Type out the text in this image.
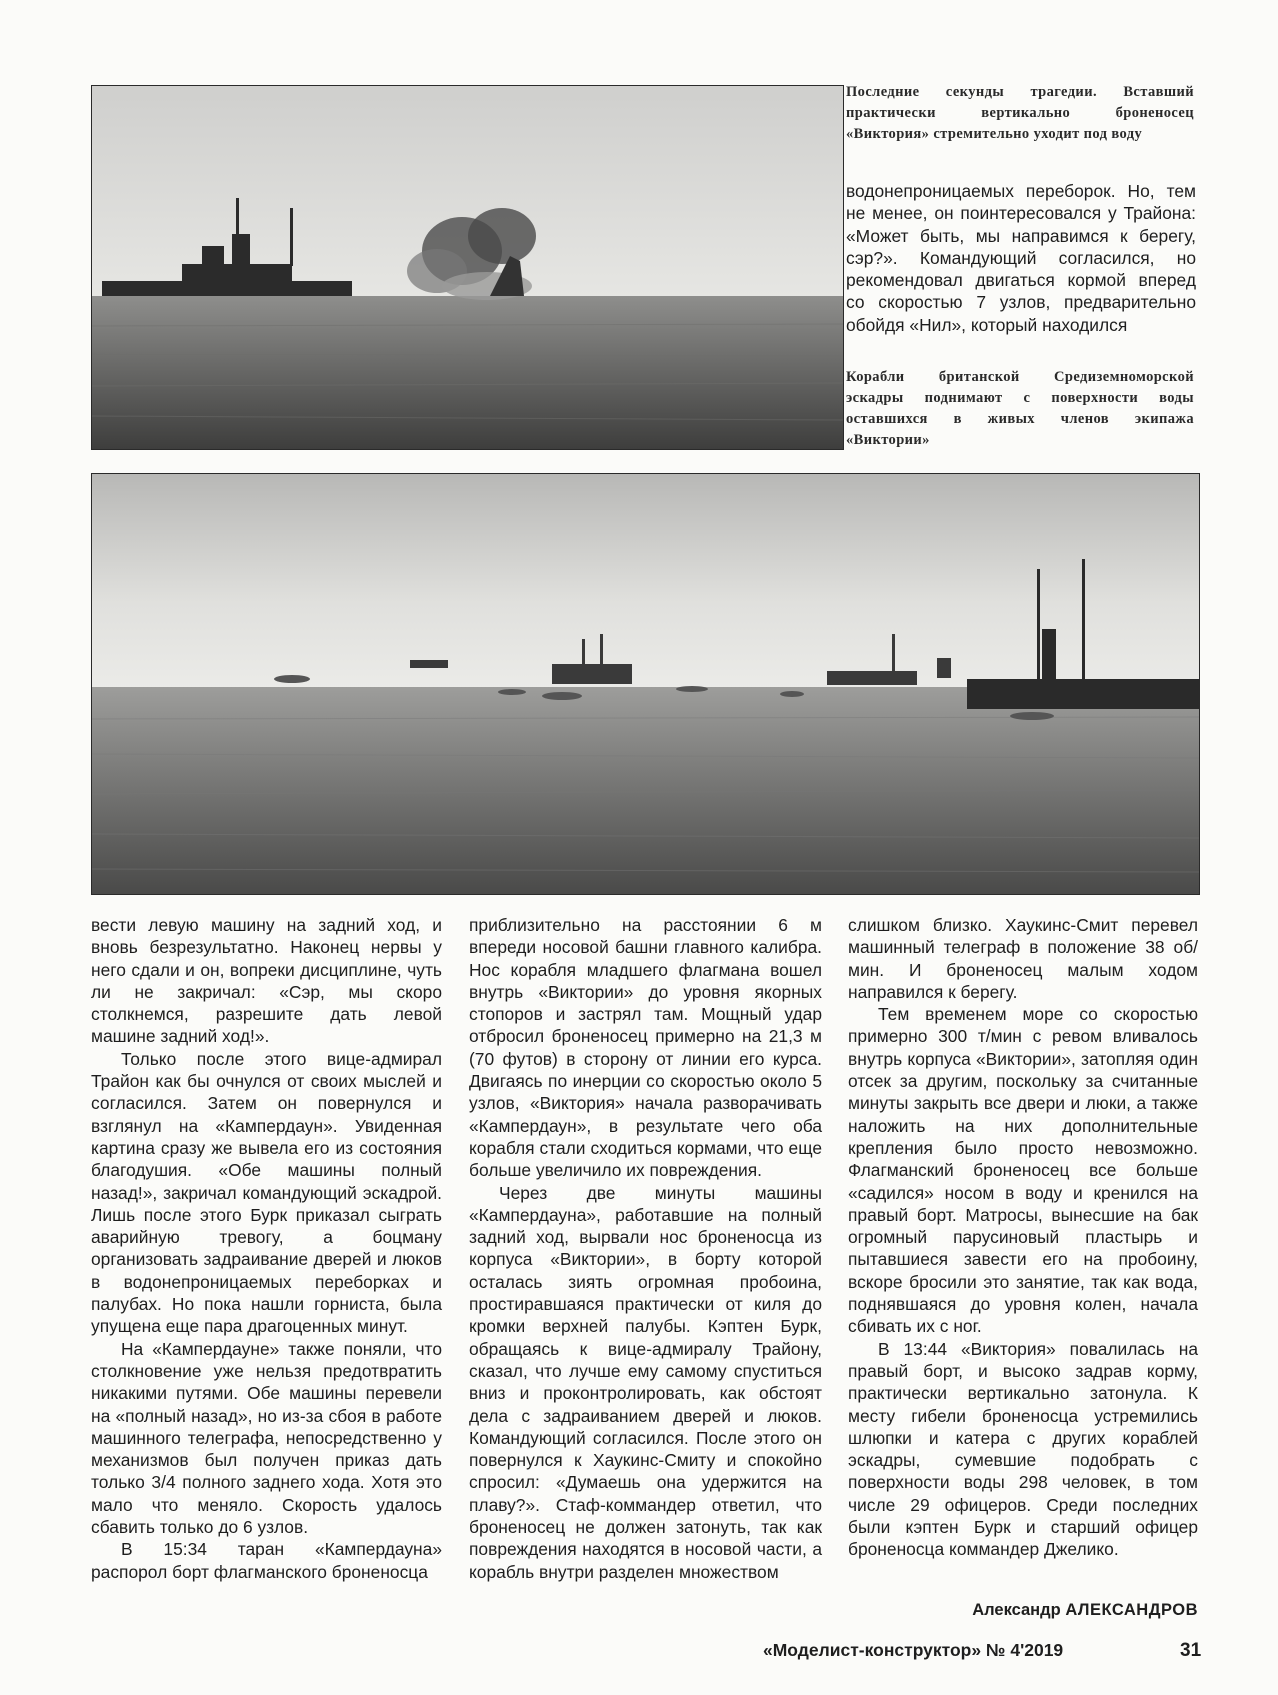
Последние секунды трагедии. Вставший практически вертикально броненосец «Виктория» стремительно уходит под воду

водонепроницаемых переборок. Но, тем не менее, он поинтересовался у Трайона: «Может быть, мы направимся к берегу, сэр?». Командующий согласился, но рекомендовал двигаться кормой вперед со скоростью 7 узлов, предварительно обойдя «Нил», который находился

Корабли британской Средиземноморской эскадры поднимают с поверхности воды оставшихся в живых членов экипажа «Виктории»

вести левую машину на задний ход, и вновь безрезультатно. Наконец нервы у него сдали и он, вопреки дисциплине, чуть ли не закричал: «Сэр, мы скоро столкнемся, разрешите дать левой машине задний ход!».

Только после этого вице-адмирал Трайон как бы очнулся от своих мыслей и согласился. Затем он повернулся и взглянул на «Кампердаун». Увиденная картина сразу же вывела его из состояния благодушия. «Обе машины полный назад!», закричал командующий эскадрой. Лишь после этого Бурк приказал сыграть аварийную тревогу, а боцману организовать задраивание дверей и люков в водонепроницаемых переборках и палубах. Но пока нашли горниста, была упущена еще пара драгоценных минут.

На «Кампердауне» также поняли, что столкновение уже нельзя предотвратить никакими путями. Обе машины перевели на «полный назад», но из-за сбоя в работе машинного телеграфа, непосредственно у механизмов был получен приказ дать только 3/4 полного заднего хода. Хотя это мало что меняло. Скорость удалось сбавить только до 6 узлов.

В 15:34 таран «Кампердауна» распорол борт флагманского броненосца

приблизительно на расстоянии 6 м впереди носовой башни главного калибра. Нос корабля младшего флагмана вошел внутрь «Виктории» до уровня якорных стопоров и застрял там. Мощный удар отбросил броненосец примерно на 21,3 м (70 футов) в сторону от линии его курса. Двигаясь по инерции со скоростью около 5 узлов, «Виктория» начала разворачивать «Кампердаун», в результате чего оба корабля стали сходиться кормами, что еще больше увеличило их повреждения.

Через две минуты машины «Кампердауна», работавшие на полный задний ход, вырвали нос броненосца из корпуса «Виктории», в борту которой осталась зиять огромная пробоина, простиравшаяся практически от киля до кромки верхней палубы. Кэптен Бурк, обращаясь к вице-адмиралу Трайону, сказал, что лучше ему самому спуститься вниз и проконтролировать, как обстоят дела с задраиванием дверей и люков. Командующий согласился. После этого он повернулся к Хаукинс-Смиту и спокойно спросил: «Думаешь она удержится на плаву?». Стаф-коммандер ответил, что броненосец не должен затонуть, так как повреждения находятся в носовой части, а корабль внутри разделен множеством

слишком близко. Хаукинс-Смит перевел машинный телеграф в положение 38 об/мин. И броненосец малым ходом направился к берегу.

Тем временем море со скоростью примерно 300 т/мин с ревом вливалось внутрь корпуса «Виктории», затопляя один отсек за другим, поскольку за считанные минуты закрыть все двери и люки, а также наложить на них дополнительные крепления было просто невозможно. Флагманский броненосец все больше «садился» носом в воду и кренился на правый борт. Матросы, вынесшие на бак огромный парусиновый пластырь и пытавшиеся завести его на пробоину, вскоре бросили это занятие, так как вода, поднявшаяся до уровня колен, начала сбивать их с ног.

В 13:44 «Виктория» повалилась на правый борт, и высоко задрав корму, практически вертикально затонула. К месту гибели броненосца устремились шлюпки и катера с других кораблей эскадры, сумевшие подобрать с поверхности воды 298 человек, в том числе 29 офицеров. Среди последних были кэптен Бурк и старший офицер броненосца коммандер Джелико.

Александр АЛЕКСАНДРОВ
«Моделист-конструктор» № 4'2019	31
